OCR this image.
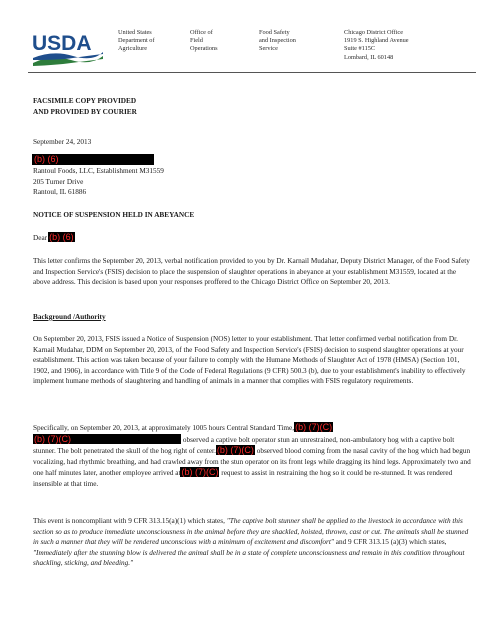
USDA	United States
Department of
Agriculture
Office of
Field
Operations
Food Safety
and Inspection
Service
Chicago District Office
1919 S. Highland Avenue
Suite #115C
Lombard, IL 60148
FACSIMILE COPY PROVIDED
AND PROVIDED BY COURIER
September 24, 2013
(b) (6)
Rantoul Foods, LLC, Establishment M31559
205 Turner Drive
Rantoul, IL 61886
NOTICE OF SUSPENSION HELD IN ABEYANCE
Dear (b) (6)
This letter confirms the September 20, 2013, verbal notification provided to you by Dr. Karnail Mudahar, Deputy District Manager, of the Food Safety and Inspection Service's (FSIS) decision to place the suspension of slaughter operations in abeyance at your establishment M31559, located at the above address. This decision is based upon your responses proffered to the Chicago District Office on September 20, 2013.
Background /Authority
On September 20, 2013, FSIS issued a Notice of Suspension (NOS) letter to your establishment. That letter confirmed verbal notification from Dr. Karnail Mudahar, DDM on September 20, 2013, of the Food Safety and Inspection Service's (FSIS) decision to suspend slaughter operations at your establishment. This action was taken because of your failure to comply with the Humane Methods of Slaughter Act of 1978 (HMSA) (Section 101, 1902, and 1906), in accordance with Title 9 of the Code of Federal Regulations (9 CFR) 500.3 (b), due to your establishment's inability to effectively implement humane methods of slaughtering and handling of animals in a manner that complies with FSIS regulatory requirements.
Specifically, on September 20, 2013, at approximately 1005 hours Central Standard Time,(b) (7)(C) (b) (7)(C)	observed a captive bolt operator stun an unrestrained, non-ambulatory hog with a captive bolt stunner. The bolt penetrated the skull of the hog right of center.(b) (7)(C) observed blood coming from the nasal cavity of the hog which had begun vocalizing, had rhythmic breathing, and had crawled away from the stun operator on its front legs while dragging its hind legs. Approximately two and one half minutes later, another employee arrived at(b) (7)(C) request to assist in restraining the hog so it could be re-stunned. It was rendered insensible at that time.
This event is noncompliant with 9 CFR 313.15(a)(1) which states, "The captive bolt stunner shall be applied to the livestock in accordance with this section so as to produce immediate unconsciousness in the animal before they are shackled, hoisted, thrown, cast or cut. The animals shall be stunned in such a manner that they will be rendered unconscious with a minimum of excitement and discomfort" and 9 CFR 313.15 (a)(3) which states, "Immediately after the stunning blow is delivered the animal shall be in a state of complete unconsciousness and remain in this condition throughout shackling, sticking, and bleeding."
